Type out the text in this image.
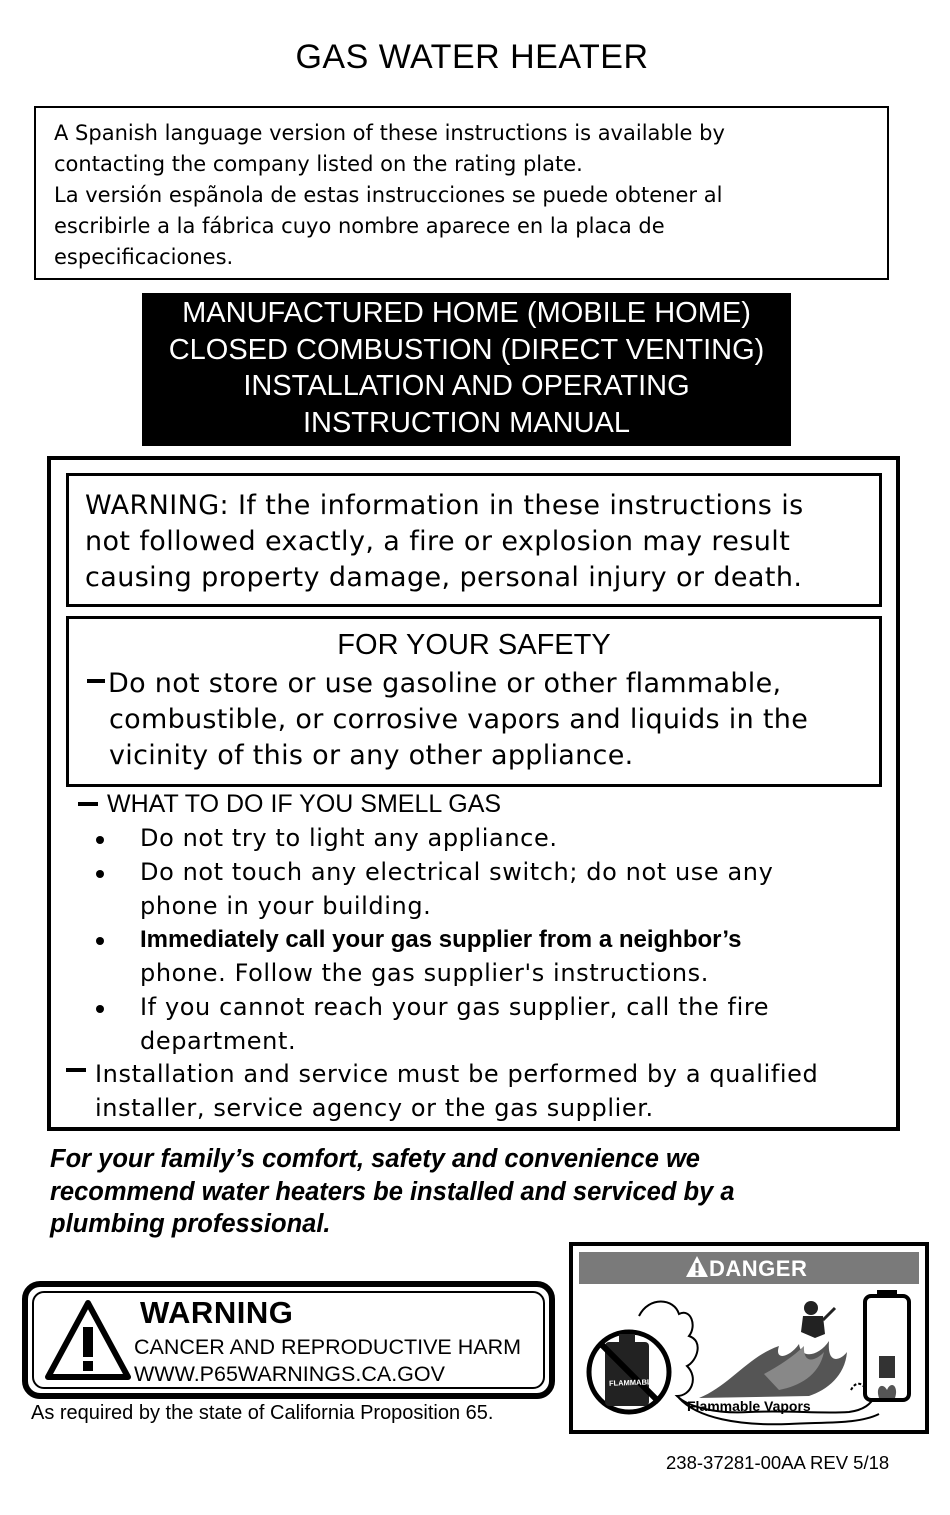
GAS WATER HEATER

A Spanish language version of these instructions is available by

contacting the company listed on the rating plate.

La versión espãnola de estas instrucciones se puede obtener al

escribirle a la fábrica cuyo nombre aparece en la placa de

especificaciones.

MANUFACTURED HOME (MOBILE HOME)
CLOSED COMBUSTION (DIRECT VENTING)
INSTALLATION AND OPERATING
INSTRUCTION MANUAL

WARNING: If the information in these instructions is

not followed exactly, a fire or explosion may result

causing property damage, personal injury or death.

FOR YOUR SAFETY
Do not store or use gasoline or other flammable,
combustible, or corrosive vapors and liquids in the
vicinity of this or any other appliance.
WHAT TO DO IF YOU SMELL GAS

Do not try to light any appliance.

Do not touch any electrical switch; do not use any
phone in your building.

Immediately call your gas supplier from a neighbor’s
phone. Follow the gas supplier's instructions.

If you cannot reach your gas supplier, call the fire
department.

Installation and service must be performed by a qualified
installer, service agency or the gas supplier.

For your family’s comfort, safety and convenience we
recommend water heaters be installed and serviced by a
plumbing professional.

WARNING
CANCER AND REPRODUCTIVE HARM
WWW.P65WARNINGS.CA.GOV
As required by the state of California Proposition 65.
DANGER
FLAMMABLE
Flammable Vapors
238-37281-00AA REV 5/18
